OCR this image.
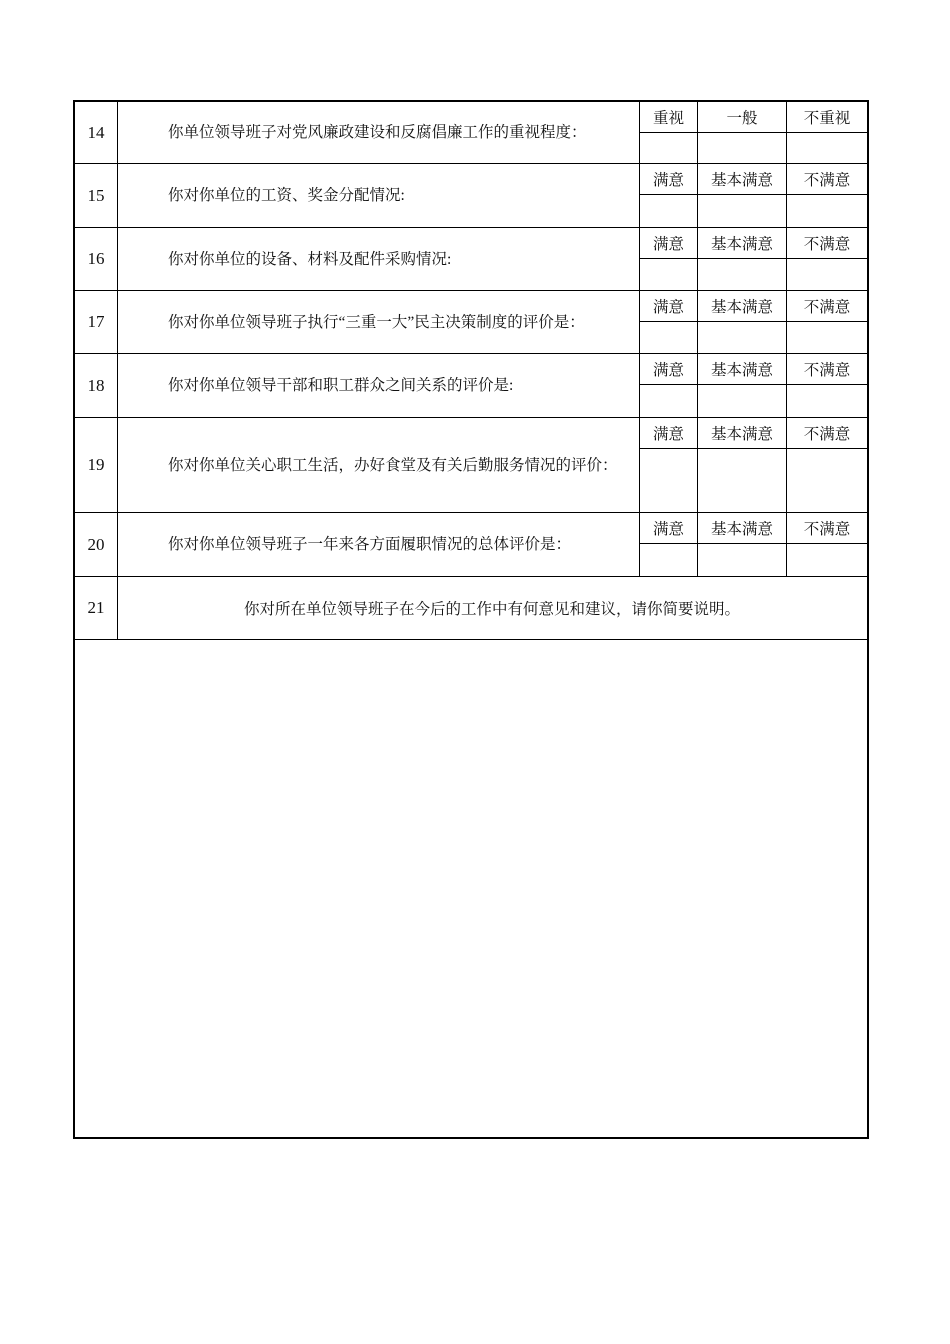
14	你单位领导班子对党风廉政建设和反腐倡廉工作的重视程度：
重视	一般	不重视
15	你对你单位的工资、奖金分配情况:
满意	基本满意	不满意
16	你对你单位的设备、材料及配件采购情况:
满意	基本满意	不满意
17	你对你单位领导班子执行“三重一大”民主决策制度的评价是：
满意	基本满意	不满意
18	你对你单位领导干部和职工群众之间关系的评价是:
满意	基本满意	不满意
19	你对你单位关心职工生活，办好食堂及有关后勤服务情况的评价：
满意	基本满意	不满意
20	你对你单位领导班子一年来各方面履职情况的总体评价是：
满意	基本满意	不满意
21	你对所在单位领导班子在今后的工作中有何意见和建议，请你简要说明。
